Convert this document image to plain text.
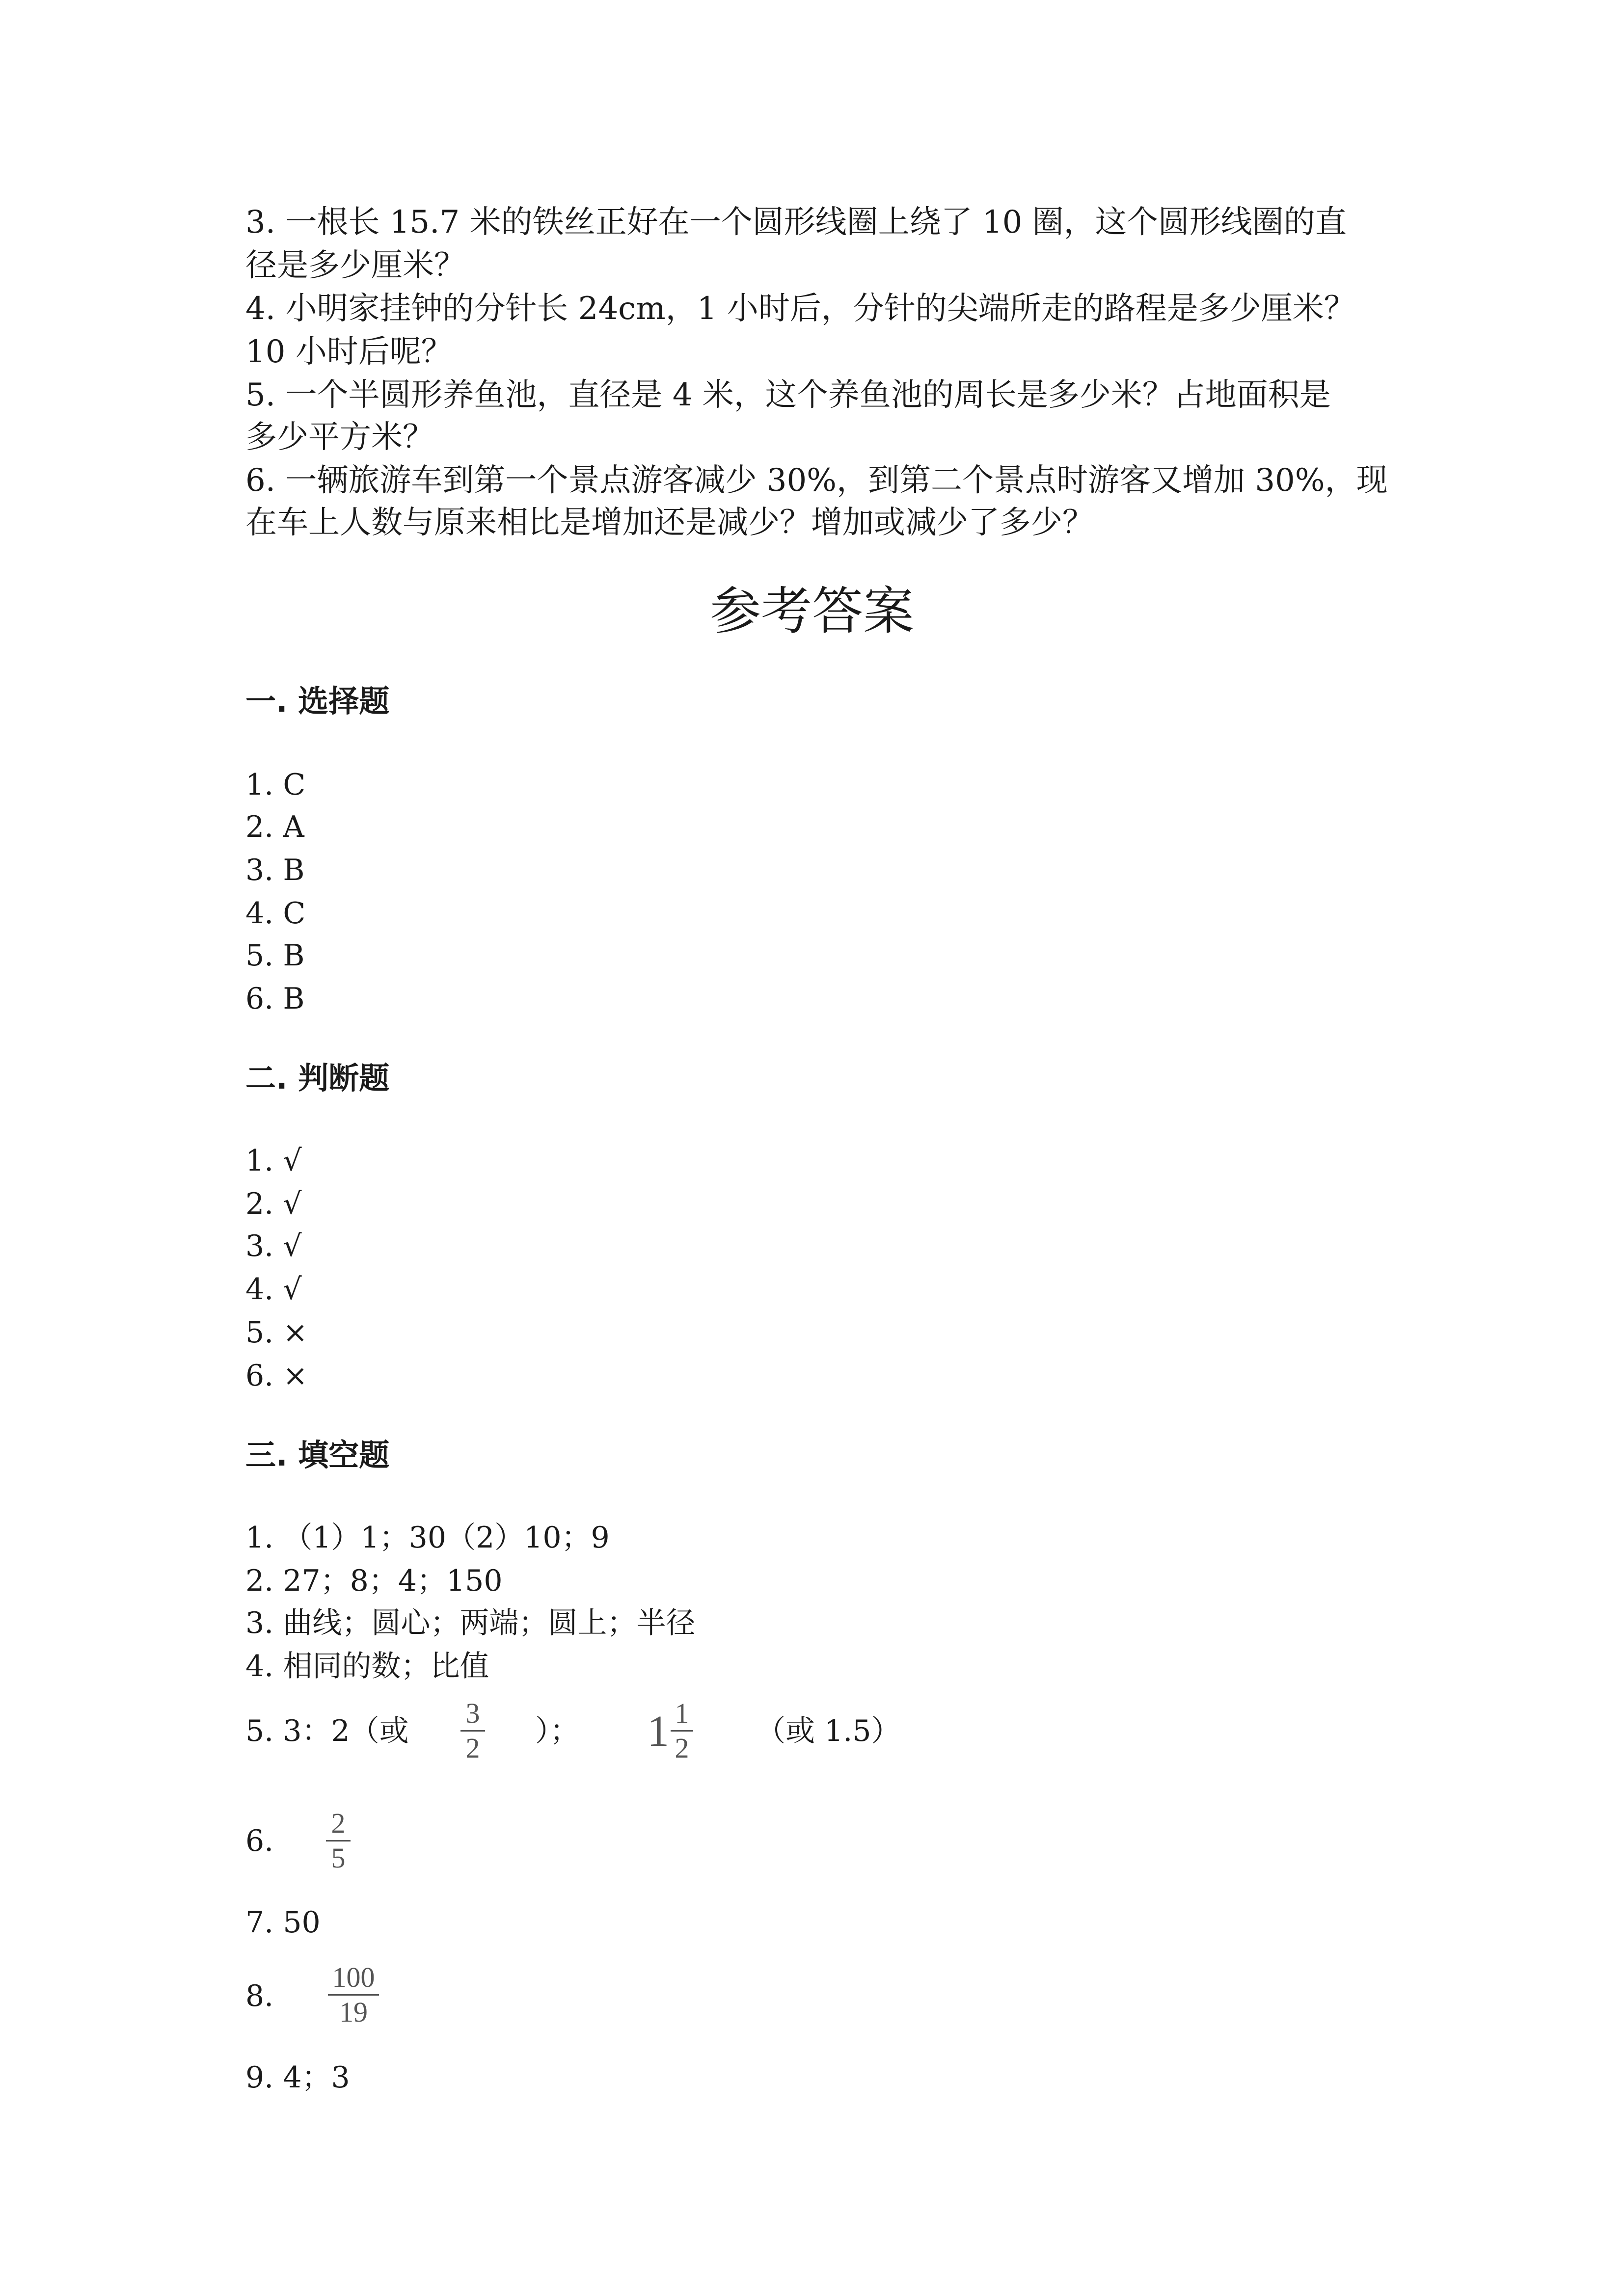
3. 一根长 15.7 米的铁丝正好在一个圆形线圈上绕了 10 圈，这个圆形线圈的直
径是多少厘米？
4. 小明家挂钟的分针长 24cm，1 小时后，分针的尖端所走的路程是多少厘米？
10 小时后呢？
5. 一个半圆形养鱼池，直径是 4 米，这个养鱼池的周长是多少米？占地面积是
多少平方米？
6. 一辆旅游车到第一个景点游客减少 30%，到第二个景点时游客又增加 30%，现
在车上人数与原来相比是增加还是减少？增加或减少了多少？
参考答案
一. 选择题
1. C
2. A
3. B
4. C
5. B
6. B
二. 判断题
1. √
2. √
3. √
4. √
5. ×
6. ×
三. 填空题
1. （1）1；30（2）10；9
2. 27；8；4；150
3. 曲线；圆心；两端；圆上；半径
4. 相同的数；比值
5. 3：2（或
3
2 ）； 1 1
2 （或 1.5）
6.
2
5
7. 50
8.
100
19
9. 4；3
